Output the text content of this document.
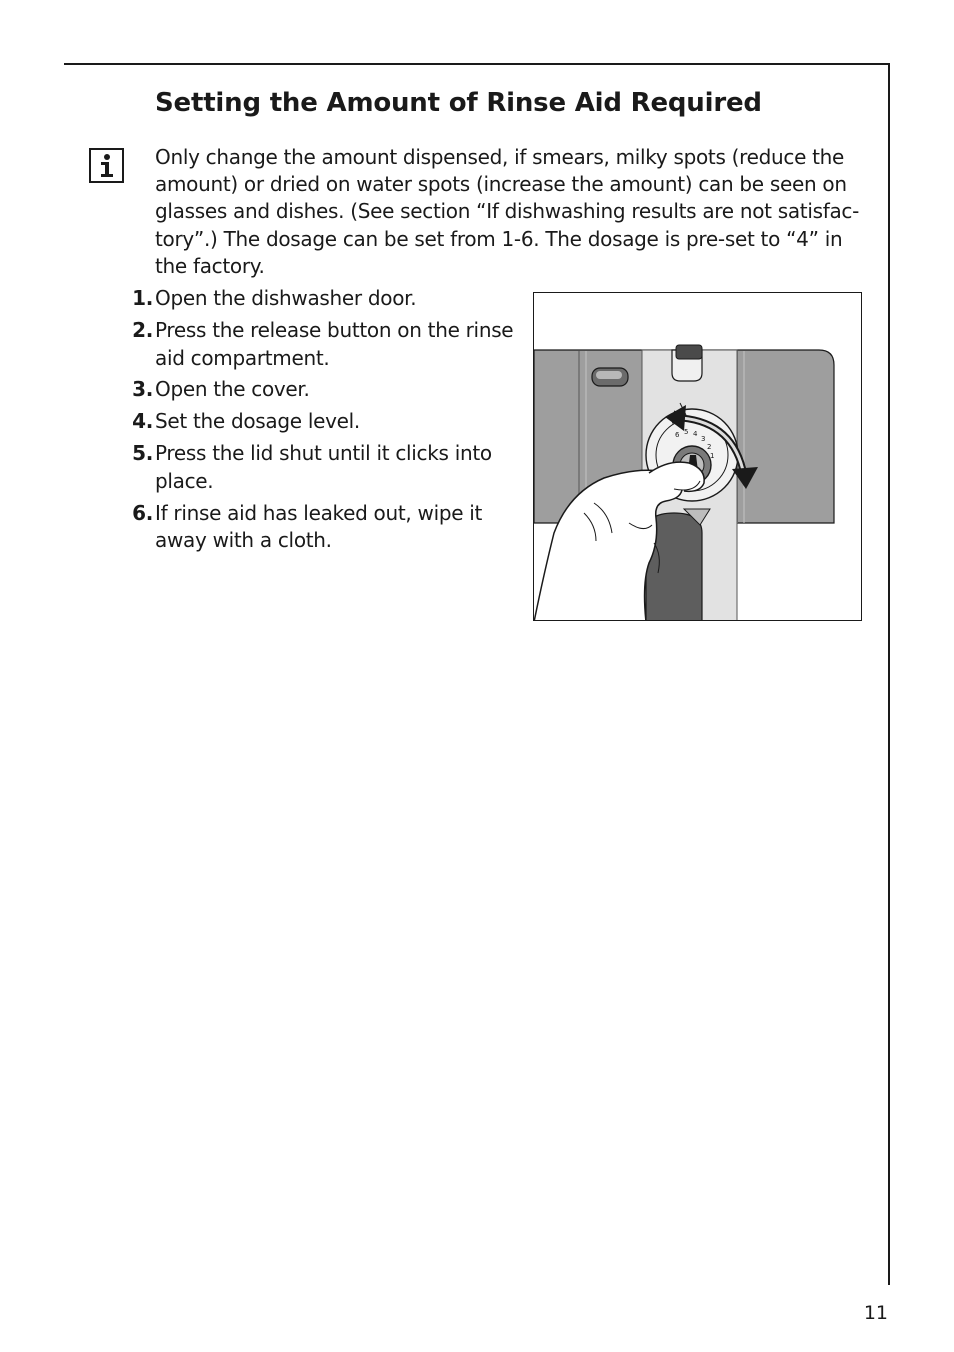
Setting the Amount of Rinse Aid Required

Only change the amount dispensed, if smears, milky spots (reduce the amount) or dried on water spots (increase the amount) can be seen on glasses and dishes. (See section “If dishwashing results are not satisfactory”.) The dosage can be set from 1-6. The dosage is pre-set to “4” in the factory.

1. Open the dishwasher door.
2. Press the release button on the rinse aid compartment.
3. Open the cover.
4. Set the dosage level.
5. Press the lid shut until it clicks into place.
6. If rinse aid has leaked out, wipe it away with a cloth.
6 5 4
3
2
1
11
